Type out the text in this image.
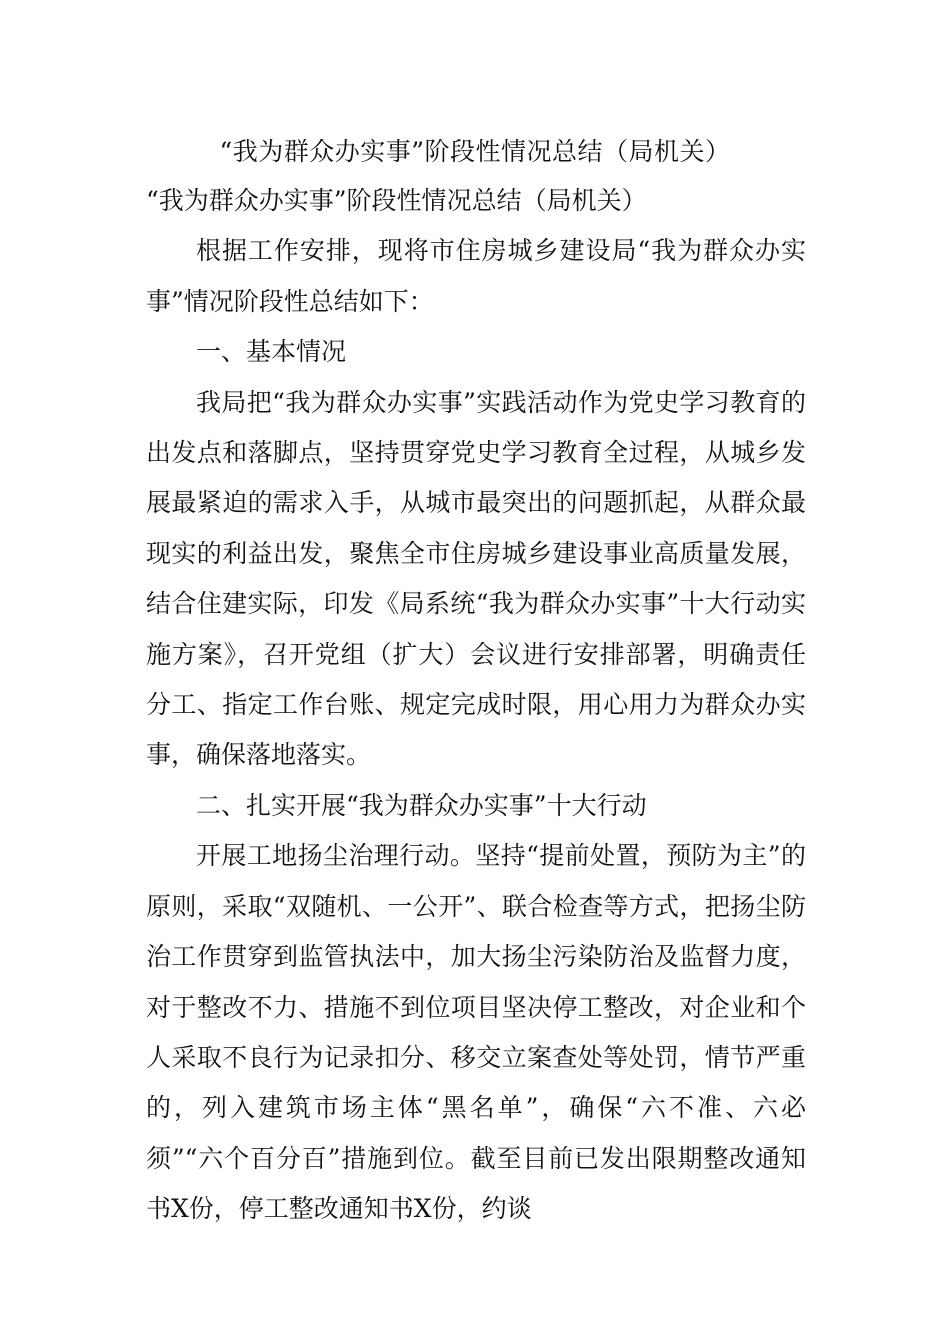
“我为群众办实事”阶段性情况总结（局机关）

“我为群众办实事”阶段性情况总结（局机关）

根据工作安排，现将市住房城乡建设局“我为群众办实事”情况阶段性总结如下：

一、基本情况

我局把“我为群众办实事”实践活动作为党史学习教育的出发点和落脚点，坚持贯穿党史学习教育全过程，从城乡发展最紧迫的需求入手，从城市最突出的问题抓起，从群众最现实的利益出发，聚焦全市住房城乡建设事业高质量发展，结合住建实际，印发《局系统“我为群众办实事”十大行动实施方案》，召开党组（扩大）会议进行安排部署，明确责任分工、指定工作台账、规定完成时限，用心用力为群众办实事，确保落地落实。

二、扎实开展“我为群众办实事”十大行动

开展工地扬尘治理行动。坚持“提前处置，预防为主”的原则，采取“双随机、一公开”、联合检查等方式，把扬尘防治工作贯穿到监管执法中，加大扬尘污染防治及监督力度，对于整改不力、措施不到位项目坚决停工整改，对企业和个人采取不良行为记录扣分、移交立案查处等处罚，情节严重的，列入建筑市场主体“黑名单”，确保“六不准、六必须”“六个百分百”措施到位。截至目前已发出限期整改通知书X份，停工整改通知书X份，约谈
